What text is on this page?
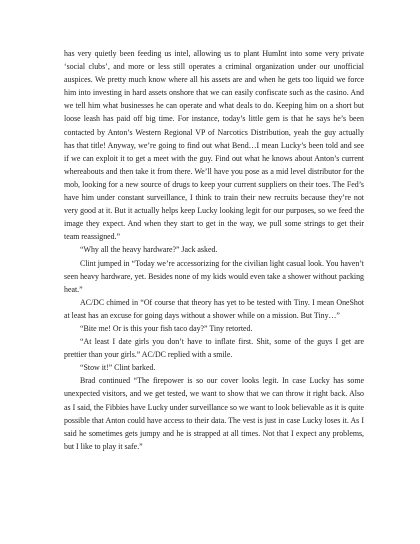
has very quietly been feeding us intel, allowing us to plant HumInt into some very private ‘social clubs’, and more or less still operates a criminal organization under our unofficial auspices. We pretty much know where all his assets are and when he gets too liquid we force him into investing in hard assets onshore that we can easily confiscate such as the casino. And we tell him what businesses he can operate and what deals to do. Keeping him on a short but loose leash has paid off big time. For instance, today’s little gem is that he says he’s been contacted by Anton’s Western Regional VP of Narcotics Distribution, yeah the guy actually has that title! Anyway, we’re going to find out what Bend…I mean Lucky’s been told and see if we can exploit it to get a meet with the guy. Find out what he knows about Anton’s current whereabouts and then take it from there. We’ll have you pose as a mid level distributor for the mob, looking for a new source of drugs to keep your current suppliers on their toes. The Fed’s have him under constant surveillance, I think to train their new recruits because they’re not very good at it. But it actually helps keep Lucky looking legit for our purposes, so we feed the image they expect. And when they start to get in the way, we pull some strings to get their team reassigned.”

“Why all the heavy hardware?” Jack asked.

Clint jumped in “Today we’re accessorizing for the civilian light casual look. You haven’t seen heavy hardware, yet. Besides none of my kids would even take a shower without packing heat.”

AC/DC chimed in “Of course that theory has yet to be tested with Tiny. I mean OneShot at least has an excuse for going days without a shower while on a mission. But Tiny…”

“Bite me! Or is this your fish taco day?” Tiny retorted.

“At least I date girls you don’t have to inflate first. Shit, some of the guys I get are prettier than your girls.” AC/DC replied with a smile.

“Stow it!” Clint barked.

Brad continued “The firepower is so our cover looks legit. In case Lucky has some unexpected visitors, and we get tested, we want to show that we can throw it right back. Also as I said, the Fibbies have Lucky under surveillance so we want to look believable as it is quite possible that Anton could have access to their data. The vest is just in case Lucky loses it. As I said he sometimes gets jumpy and he is strapped at all times. Not that I expect any problems, but I like to play it safe.”
